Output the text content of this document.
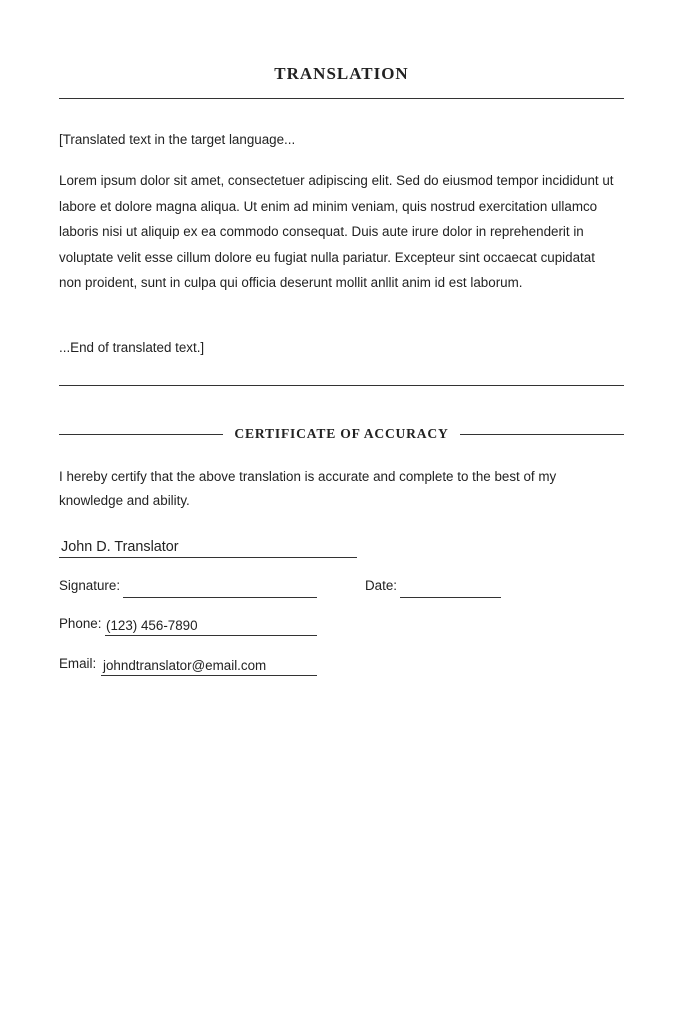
TRANSLATION
[Translated text in the target language...
Lorem ipsum dolor sit amet, consectetuer adipiscing elit. Sed do eiusmod tempor incididunt ut labore et dolore magna aliqua. Ut enim ad minim veniam, quis nostrud exercitation ullamco laboris nisi ut aliquip ex ea commodo consequat. Duis aute irure dolor in reprehenderit in voluptate velit esse cillum dolore eu fugiat nulla pariatur. Excepteur sint occaecat cupidatat non proident, sunt in culpa qui officia deserunt mollit anllit anim id est laborum.
...End of translated text.]
CERTIFICATE OF ACCURACY
I hereby certify that the above translation is accurate and complete to the best of my knowledge and ability.
John D. Translator
Signature:	Date:
Phone: (123) 456-7890
Email: johndtranslator@email.com
